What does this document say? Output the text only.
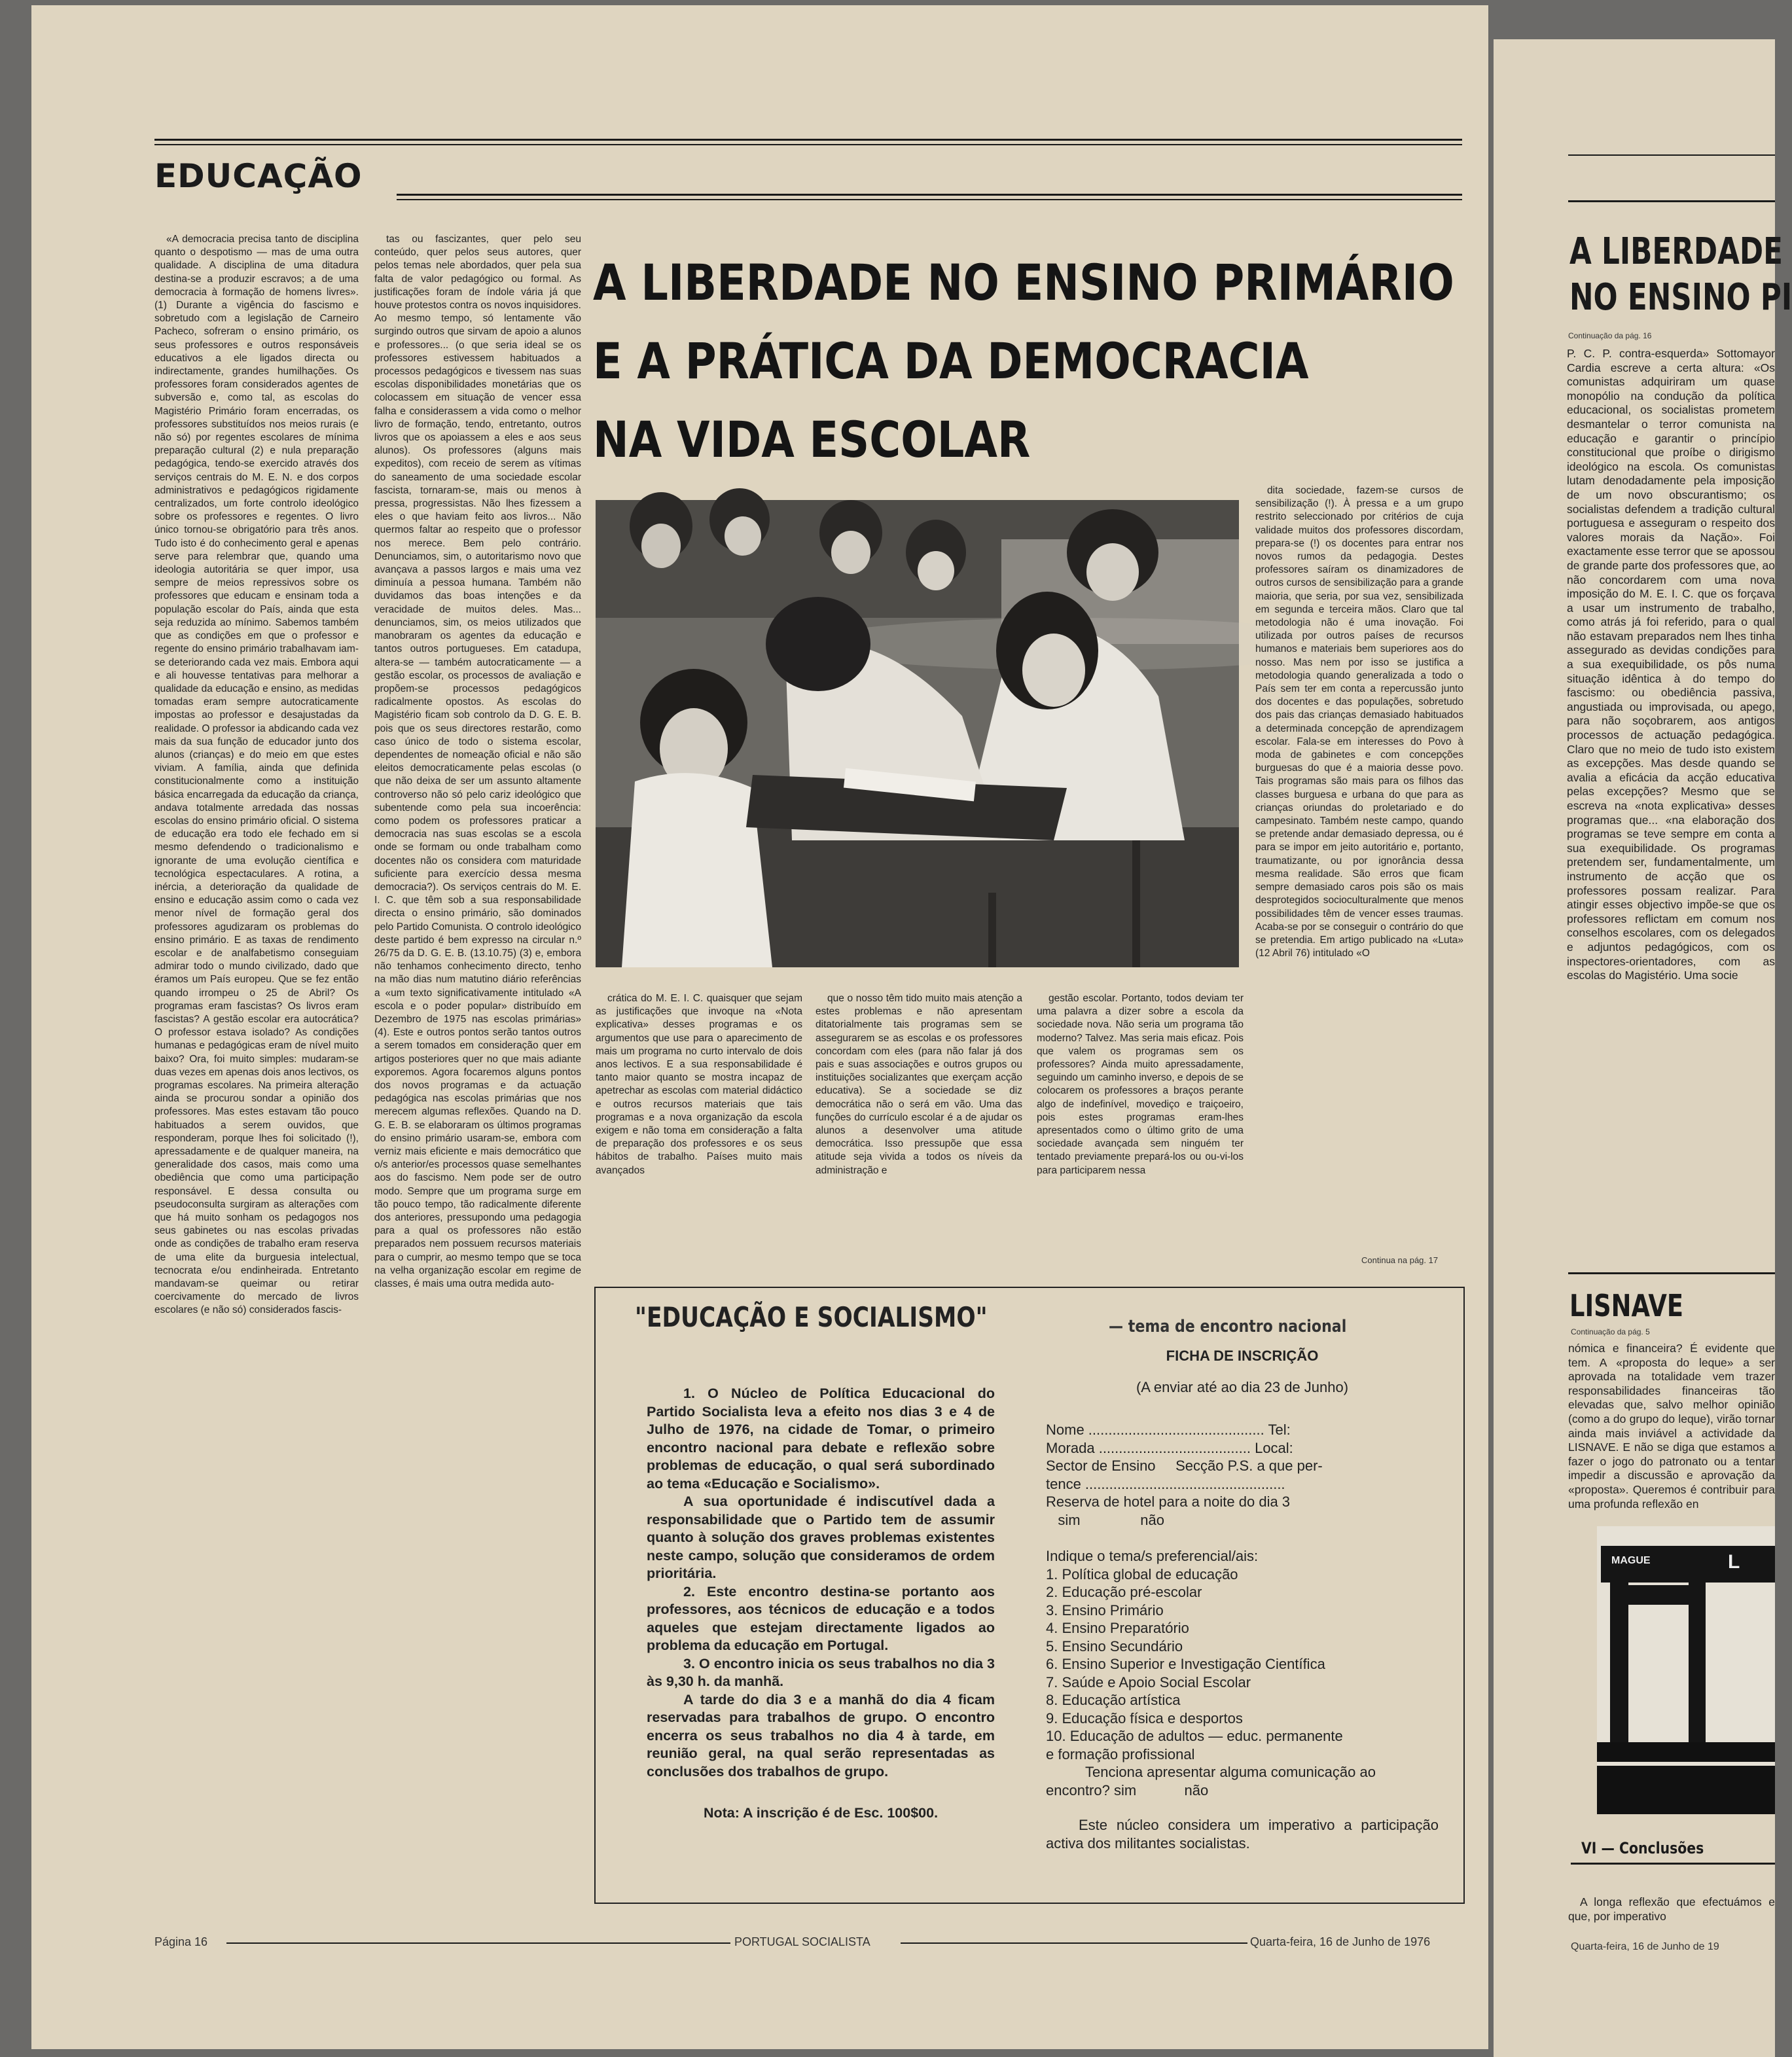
EDUCAÇÃO
A LIBERDADE NO ENSINO PRIMÁRIO
E A PRÁTICA DA DEMOCRACIA
NA VIDA ESCOLAR

«A democracia precisa tanto de disciplina quanto o despotismo — mas de uma outra qualidade. A disciplina de uma ditadura destina-se a produzir escravos; a de uma democracia à formação de homens livres». (1) Durante a vigência do fascismo e sobretudo com a legislação de Carneiro Pacheco, sofreram o ensino primário, os seus professores e outros responsáveis educativos a ele ligados directa ou indirectamente, grandes humilhações. Os professores foram considerados agentes de subversão e, como tal, as escolas do Magistério Primário foram encerradas, os professores substituídos nos meios rurais (e não só) por regentes escolares de mínima preparação cultural (2) e nula preparação pedagógica, tendo-se exercido através dos serviços centrais do M. E. N. e dos corpos administrativos e pedagógicos rigidamente centralizados, um forte controlo ideológico sobre os professores e regentes. O livro único tornou-se obrigatório para três anos. Tudo isto é do conhecimento geral e apenas serve para relembrar que, quando uma ideologia autoritária se quer impor, usa sempre de meios repressivos sobre os professores que educam e ensinam toda a população escolar do País, ainda que esta seja reduzida ao mínimo. Sabemos também que as condições em que o professor e regente do ensino primário trabalhavam iam-se deteriorando cada vez mais. Embora aqui e ali houvesse tentativas para melhorar a qualidade da educação e ensino, as medidas tomadas eram sempre autocraticamente impostas ao professor e desajustadas da realidade. O professor ia abdicando cada vez mais da sua função de educador junto dos alunos (crianças) e do meio em que estes viviam. A família, ainda que definida constitucionalmente como a instituição básica encarregada da educação da criança, andava totalmente arredada das nossas escolas do ensino primário oficial. O sistema de educação era todo ele fechado em si mesmo defendendo o tradicionalismo e ignorante de uma evolução científica e tecnológica espectaculares. A rotina, a inércia, a deterioração da qualidade de ensino e educação assim como o cada vez menor nível de formação geral dos professores agudizaram os problemas do ensino primário. E as taxas de rendimento escolar e de analfabetismo conseguiam admirar todo o mundo civilizado, dado que éramos um País europeu. Que se fez então quando irrompeu o 25 de Abril? Os programas eram fascistas? Os livros eram fascistas? A gestão escolar era autocrática? O professor estava isolado? As condições humanas e pedagógicas eram de nível muito baixo? Ora, foi muito simples: mudaram-se duas vezes em apenas dois anos lectivos, os programas escolares. Na primeira alteração ainda se procurou sondar a opinião dos professores. Mas estes estavam tão pouco habituados a serem ouvidos, que responderam, porque lhes foi solicitado (!), apressadamente e de qualquer maneira, na generalidade dos casos, mais como uma obediência que como uma participação responsável. E dessa consulta ou pseudoconsulta surgiram as alterações com que há muito sonham os pedagogos nos seus gabinetes ou nas escolas privadas onde as condições de trabalho eram reserva de uma elite da burguesia intelectual, tecnocrata e/ou endinheirada. Entretanto mandavam-se queimar ou retirar coercivamente do mercado de livros escolares (e não só) considerados fascis-

tas ou fascizantes, quer pelo seu conteúdo, quer pelos seus autores, quer pelos temas nele abordados, quer pela sua falta de valor pedagógico ou formal. As justificações foram de índole vária já que houve protestos contra os novos inquisidores. Ao mesmo tempo, só lentamente vão surgindo outros que sirvam de apoio a alunos e professores... (o que seria ideal se os professores estivessem habituados a processos pedagógicos e tivessem nas suas escolas disponibilidades monetárias que os colocassem em situação de vencer essa falha e considerassem a vida como o melhor livro de formação, tendo, entretanto, outros livros que os apoiassem a eles e aos seus alunos). Os professores (alguns mais expeditos), com receio de serem as vítimas do saneamento de uma sociedade escolar fascista, tornaram-se, mais ou menos à pressa, progressistas. Não lhes fizessem a eles o que haviam feito aos livros... Não quermos faltar ao respeito que o professor nos merece. Bem pelo contrário. Denunciamos, sim, o autoritarismo novo que avançava a passos largos e mais uma vez diminuía a pessoa humana. Também não duvidamos das boas intenções e da veracidade de muitos deles. Mas... denunciamos, sim, os meios utilizados que manobraram os agentes da educação e tantos outros portugueses. Em catadupa, altera-se — também autocraticamente — a gestão escolar, os processos de avaliação e propõem-se processos pedagógicos radicalmente opostos. As escolas do Magistério ficam sob controlo da D. G. E. B. pois que os seus directores restarão, como caso único de todo o sistema escolar, dependentes de nomeação oficial e não são eleitos democraticamente pelas escolas (o que não deixa de ser um assunto altamente controverso não só pelo cariz ideológico que subentende como pela sua incoerência: como podem os professores praticar a democracia nas suas escolas se a escola onde se formam ou onde trabalham como docentes não os considera com maturidade suficiente para exercício dessa mesma democracia?). Os serviços centrais do M. E. I. C. que têm sob a sua responsabilidade directa o ensino primário, são dominados pelo Partido Comunista. O controlo ideológico deste partido é bem expresso na circular n.º 26/75 da D. G. E. B. (13.10.75) (3) e, embora não tenhamos conhecimento directo, tenho na mão dias num matutino diário referências a «um texto significativamente intitulado «A escola e o poder popular» distribuído em Dezembro de 1975 nas escolas primárias» (4). Este e outros pontos serão tantos outros a serem tomados em consideração quer em artigos posteriores quer no que mais adiante exporemos. Agora focaremos alguns pontos dos novos programas e da actuação pedagógica nas escolas primárias que nos merecem algumas reflexões. Quando na D. G. E. B. se elaboraram os últimos programas do ensino primário usaram-se, embora com verniz mais eficiente e mais democrático que o/s anterior/es processos quase semelhantes aos do fascismo. Nem pode ser de outro modo. Sempre que um programa surge em tão pouco tempo, tão radicalmente diferente dos anteriores, pressupondo uma pedagogia para a qual os professores não estão preparados nem possuem recursos materiais para o cumprir, ao mesmo tempo que se toca na velha organização escolar em regime de classes, é mais uma outra medida auto-

crática do M. E. I. C. quaisquer que sejam as justificações que invoque na «Nota explicativa» desses programas e os argumentos que use para o aparecimento de mais um programa no curto intervalo de dois anos lectivos. E a sua responsabilidade é tanto maior quanto se mostra incapaz de apetrechar as escolas com material didáctico e outros recursos materiais que tais programas e a nova organização da escola exigem e não toma em consideração a falta de preparação dos professores e os seus hábitos de trabalho. Países muito mais avançados

que o nosso têm tido muito mais atenção a estes problemas e não apresentam ditatorialmente tais programas sem se assegurarem se as escolas e os professores concordam com eles (para não falar já dos pais e suas associações e outros grupos ou instituições socializantes que exerçam acção educativa). Se a sociedade se diz democrática não o será em vão. Uma das funções do currículo escolar é a de ajudar os alunos a desenvolver uma atitude democrática. Isso pressupõe que essa atitude seja vivida a todos os níveis da administração e

gestão escolar. Portanto, todos deviam ter uma palavra a dizer sobre a escola da sociedade nova. Não seria um programa tão moderno? Talvez. Mas seria mais eficaz. Pois que valem os programas sem os professores? Ainda muito apressadamente, seguindo um caminho inverso, e depois de se colocarem os professores a braços perante algo de indefinível, movediço e traiçoeiro, pois estes programas eram-lhes apresentados como o último grito de uma sociedade avançada sem ninguém ter tentado previamente prepará-los ou ou-vi-los para participarem nessa

dita sociedade, fazem-se cursos de sensibilização (!). À pressa e a um grupo restrito seleccionado por critérios de cuja validade muitos dos professores discordam, prepara-se (!) os docentes para entrar nos novos rumos da pedagogia. Destes professores saíram os dinamizadores de outros cursos de sensibilização para a grande maioria, que seria, por sua vez, sensibilizada em segunda e terceira mãos. Claro que tal metodologia não é uma inovação. Foi utilizada por outros países de recursos humanos e materiais bem superiores aos do nosso. Mas nem por isso se justifica a metodologia quando generalizada a todo o País sem ter em conta a repercussão junto dos docentes e das populações, sobretudo dos pais das crianças demasiado habituados a determinada concepção de aprendizagem escolar. Fala-se em interesses do Povo à moda de gabinetes e com concepções burguesas do que é a maioria desse povo. Tais programas são mais para os filhos das classes burguesa e urbana do que para as crianças oriundas do proletariado e do campesinato. Também neste campo, quando se pretende andar demasiado depressa, ou é para se impor em jeito autoritário e, portanto, traumatizante, ou por ignorância dessa mesma realidade. São erros que ficam sempre demasiado caros pois são os mais desprotegidos socioculturalmente que menos possibilidades têm de vencer esses traumas. Acaba-se por se conseguir o contrário do que se pretendia. Em artigo publicado na «Luta» (12 Abril 76) intitulado «O

Continua na pág. 17
"EDUCAÇÃO E SOCIALISMO"	— tema de encontro nacional

1. O Núcleo de Política Educacional do Partido Socialista leva a efeito nos dias 3 e 4 de Julho de 1976, na cidade de Tomar, o primeiro encontro nacional para debate e reflexão sobre problemas de educação, o qual será subordinado ao tema «Educação e Socialismo».

A sua oportunidade é indiscutível dada a responsabilidade que o Partido tem de assumir quanto à solução dos graves problemas existentes neste campo, solução que consideramos de ordem prioritária.

2. Este encontro destina-se portanto aos professores, aos técnicos de educação e a todos aqueles que estejam directamente ligados ao problema da educação em Portugal.

3. O encontro inicia os seus trabalhos no dia 3 às 9,30 h. da manhã.

A tarde do dia 3 e a manhã do dia 4 ficam reservadas para trabalhos de grupo. O encontro encerra os seus trabalhos no dia 4 à tarde, em reunião geral, na qual serão representadas as conclusões dos trabalhos de grupo.

Nota: A inscrição é de Esc. 100$00.

FICHA DE INSCRIÇÃO
(A enviar até ao dia 23 de Junho)
Nome ............................................ Tel:
Morada ...................................... Local:
Sector de Ensino     Secção P.S. a que per-
tence ..................................................
Reserva de hotel para a noite do dia 3
sim               não
Indique o tema/s preferencial/ais:
1. Política global de educação
2. Educação pré-escolar
3. Ensino Primário
4. Ensino Preparatório
5. Ensino Secundário
6. Ensino Superior e Investigação Científica
7. Saúde e Apoio Social Escolar
8. Educação artística
9. Educação física e desportos
10. Educação de adultos — educ. permanente
e formação profissional
Tenciona apresentar alguma comunicação ao encontro? sim            não
Este núcleo considera um imperativo a participação activa dos militantes socialistas.
Página 16	PORTUGAL SOCIALISTA	Quarta-feira, 16 de Junho de 1976
A LIBERDADE
NO ENSINO PI
Continuação da pág. 16

P. C. P. contra-esquerda» Sottomayor Cardia escreve a certa altura: «Os comunistas adquiriram um quase monopólio na condução da política educacional, os socialistas prometem desmantelar o terror comunista na educação e garantir o princípio constitucional que proíbe o dirigismo ideológico na escola. Os comunistas lutam denodadamente pela imposição de um novo obscurantismo; os socialistas defendem a tradição cultural portuguesa e asseguram o respeito dos valores morais da Nação». Foi exactamente esse terror que se apossou de grande parte dos professores que, ao não concordarem com uma nova imposição do M. E. I. C. que os forçava a usar um instrumento de trabalho, como atrás já foi referido, para o qual não estavam preparados nem lhes tinha assegurado as devidas condições para a sua exequibilidade, os pôs numa situação idêntica à do tempo do fascismo: ou obediência passiva, angustiada ou improvisada, ou apego, para não soçobrarem, aos antigos processos de actuação pedagógica. Claro que no meio de tudo isto existem as excepções. Mas desde quando se avalia a eficácia da acção educativa pelas excepções? Mesmo que se escreva na «nota explicativa» desses programas que... «na elaboração dos programas se teve sempre em conta a sua exequibilidade. Os programas pretendem ser, fundamentalmente, um instrumento de acção que os professores possam realizar. Para atingir esses objectivo impõe-se que os professores reflictam em comum nos conselhos escolares, com os delegados e adjuntos pedagógicos, com os inspectores-orientadores, com as escolas do Magistério. Uma socie

LISNAVE
Continuação da pág. 5

nómica e financeira? É evidente que tem. A «proposta do leque» a ser aprovada na totalidade vem trazer responsabilidades financeiras tão elevadas que, salvo melhor opinião (como a do grupo do leque), virão tornar ainda mais inviável a actividade da LISNAVE. E não se diga que estamos a fazer o jogo do patronato ou a tentar impedir a discussão e aprovação da «proposta». Queremos é contribuir para uma profunda reflexão en

MAGUE	L
VI — Conclusões

A longa reflexão que efectuámos e que, por imperativo

Quarta-feira, 16 de Junho de 19
